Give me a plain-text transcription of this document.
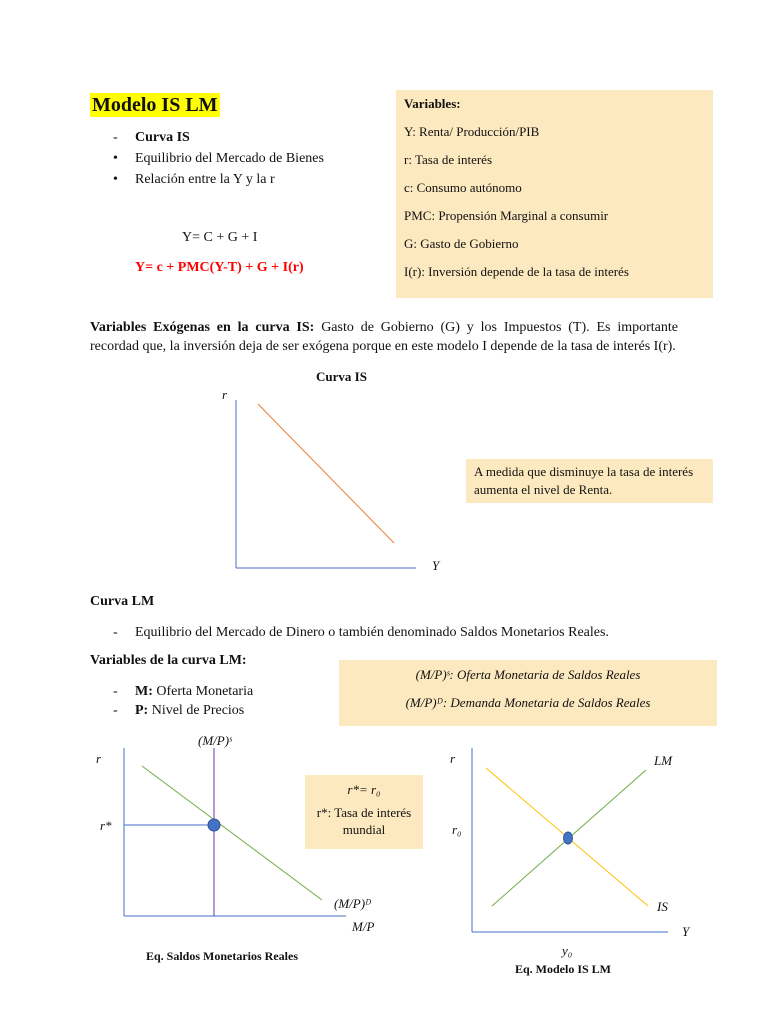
Modelo IS LM
- Curva IS
• Equilibrio del Mercado de Bienes
• Relación entre la Y y la r
Y= C + G + I
Y= c + PMC(Y-T) + G + I(r)
Variables:
Y: Renta/ Producción/PIB
r: Tasa de interés
c: Consumo autónomo
PMC: Propensión Marginal a consumir
G: Gasto de Gobierno
I(r): Inversión depende de la tasa de interés
Variables Exógenas en la curva IS: Gasto de Gobierno (G) y los Impuestos (T). Es importante recordad que, la inversión deja de ser exógena porque en este modelo I depende de la tasa de interés I(r).
Curva IS
r
Y
A medida que disminuye la tasa de interés aumenta el nivel de Renta.
Curva LM
- Equilibrio del Mercado de Dinero o también denominado Saldos Monetarios Reales.
Variables de la curva LM:
- M: Oferta Monetaria
- P: Nivel de Precios
(M/P)ˢ: Oferta Monetaria de Saldos Reales
(M/P)ᴰ: Demanda Monetaria de Saldos Reales
r
(M/P)ˢ
r*
(M/P)ᴰ
M/P
Eq. Saldos Monetarios Reales
r*= r₀
r*: Tasa de interés mundial
r	LM
r₀
IS
Y
y₀
Eq. Modelo IS LM
